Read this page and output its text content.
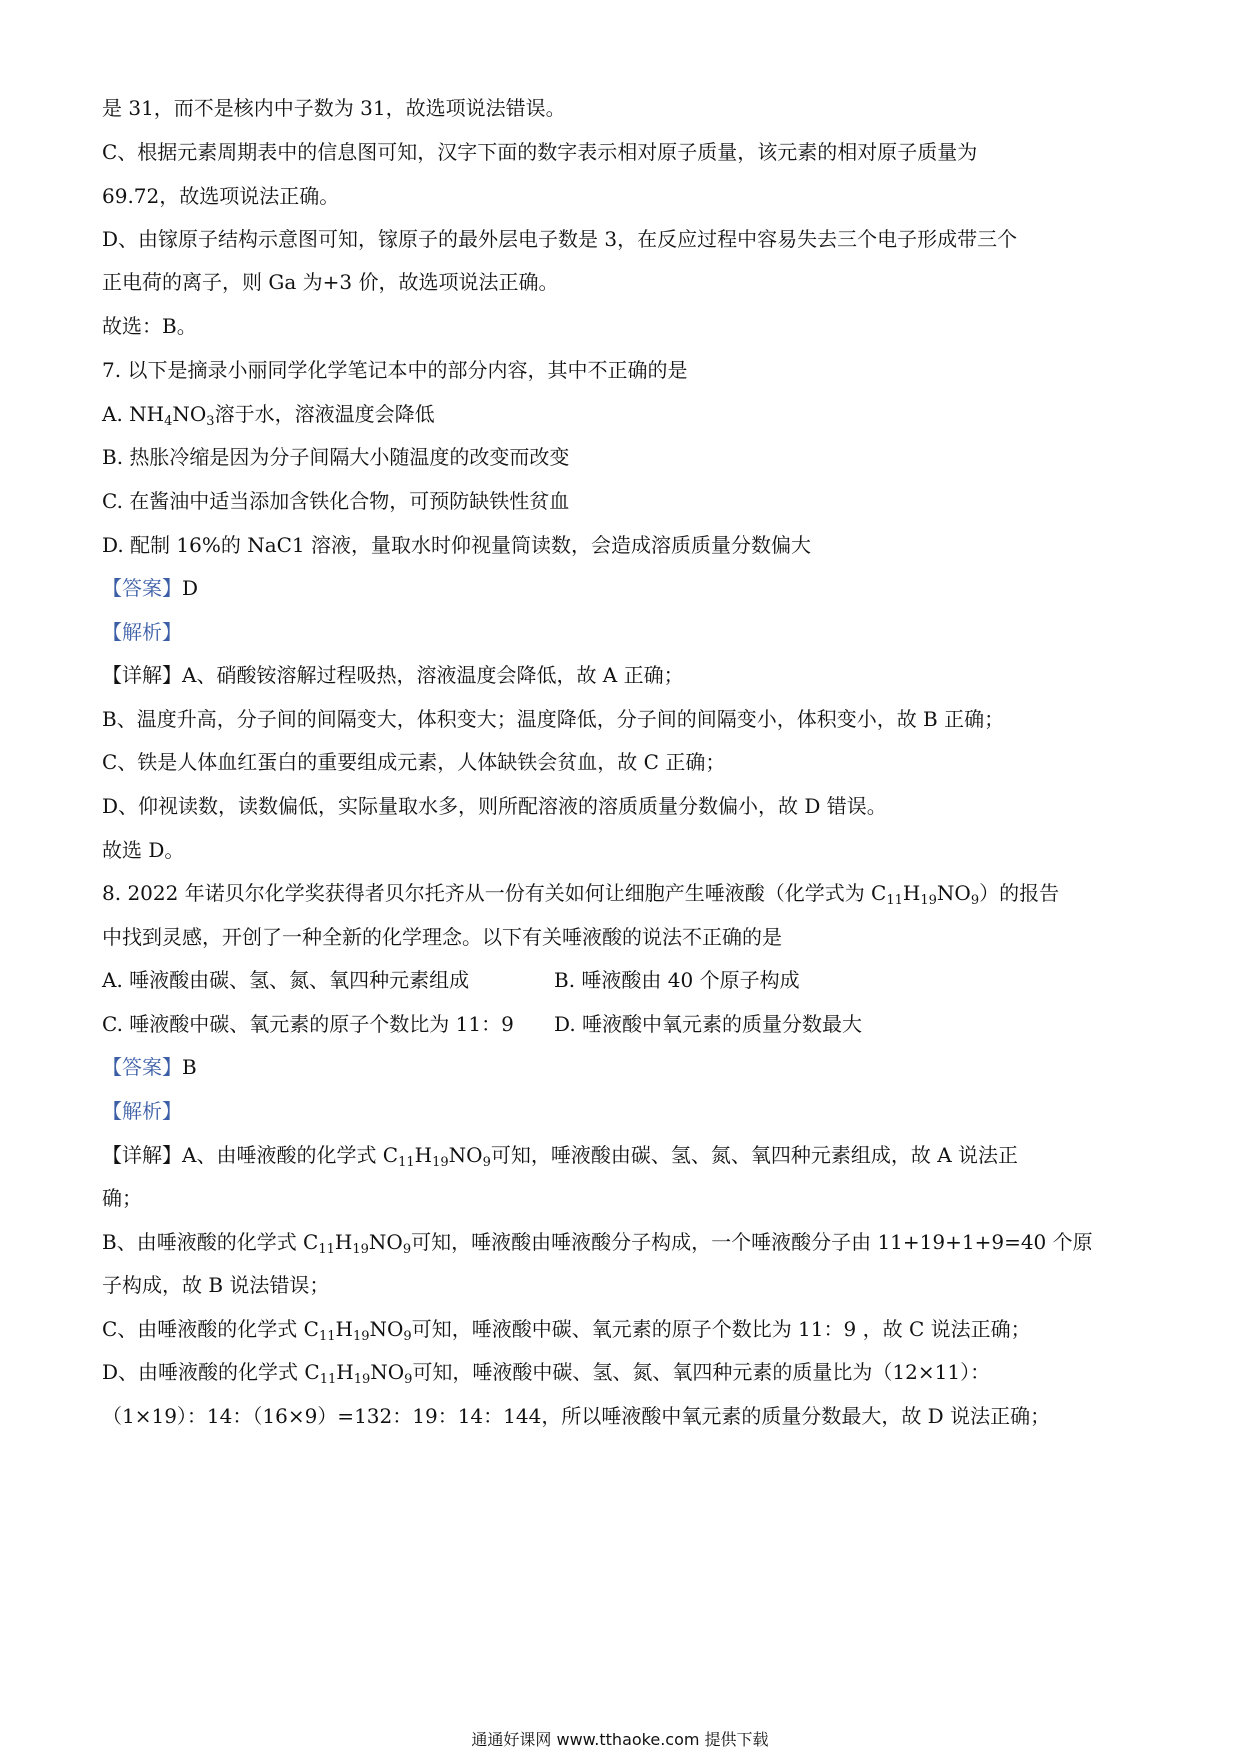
是 31，而不是核内中子数为 31，故选项说法错误。
C、根据元素周期表中的信息图可知，汉字下面的数字表示相对原子质量，该元素的相对原子质量为
69.72，故选项说法正确。
D、由镓原子结构示意图可知，镓原子的最外层电子数是 3，在反应过程中容易失去三个电子形成带三个
正电荷的离子，则 Ga 为+3 价，故选项说法正确。
故选：B。
7. 以下是摘录小丽同学化学笔记本中的部分内容，其中不正确的是
A. $NH_4NO_3$溶于水，溶液温度会降低
B. 热胀冷缩是因为分子间隔大小随温度的改变而改变
C. 在酱油中适当添加含铁化合物，可预防缺铁性贫血
D. 配制 16%的 NaC1 溶液，量取水时仰视量筒读数，会造成溶质质量分数偏大
【答案】D
【解析】
【详解】A、硝酸铵溶解过程吸热，溶液温度会降低，故 A 正确；
B、温度升高，分子间的间隔变大，体积变大；温度降低，分子间的间隔变小，体积变小，故 B 正确；
C、铁是人体血红蛋白的重要组成元素，人体缺铁会贫血，故 C 正确；
D、仰视读数，读数偏低，实际量取水多，则所配溶液的溶质质量分数偏小，故 D 错误。
故选 D。
8. 2022 年诺贝尔化学奖获得者贝尔托齐从一份有关如何让细胞产生唾液酸（化学式为 $C_{11}H_{19}NO_9$）的报告
中找到灵感，开创了一种全新的化学理念。以下有关唾液酸的说法不正确的是
A. 唾液酸由碳、氢、氮、氧四种元素组成	B. 唾液酸由 40 个原子构成
C. 唾液酸中碳、氧元素的原子个数比为 11：9 D. 唾液酸中氧元素的质量分数最大
【答案】B
【解析】
【详解】A、由唾液酸的化学式 $C_{11}H_{19}NO_9$可知，唾液酸由碳、氢、氮、氧四种元素组成，故 A 说法正
确；
B、由唾液酸的化学式 $C_{11}H_{19}NO_9$可知，唾液酸由唾液酸分子构成，一个唾液酸分子由 11+19+1+9=40 个原
子构成，故 B 说法错误；
C、由唾液酸的化学式 $C_{11}H_{19}NO_9$可知，唾液酸中碳、氧元素的原子个数比为 11：9 ，故 C 说法正确；
D、由唾液酸的化学式 $C_{11}H_{19}NO_9$可知，唾液酸中碳、氢、氮、氧四种元素的质量比为（12×11）：
（1×19）：14：（16×9）=132：19：14：144，所以唾液酸中氧元素的质量分数最大，故 D 说法正确；
通通好课网 www.tthaoke.com 提供下载
